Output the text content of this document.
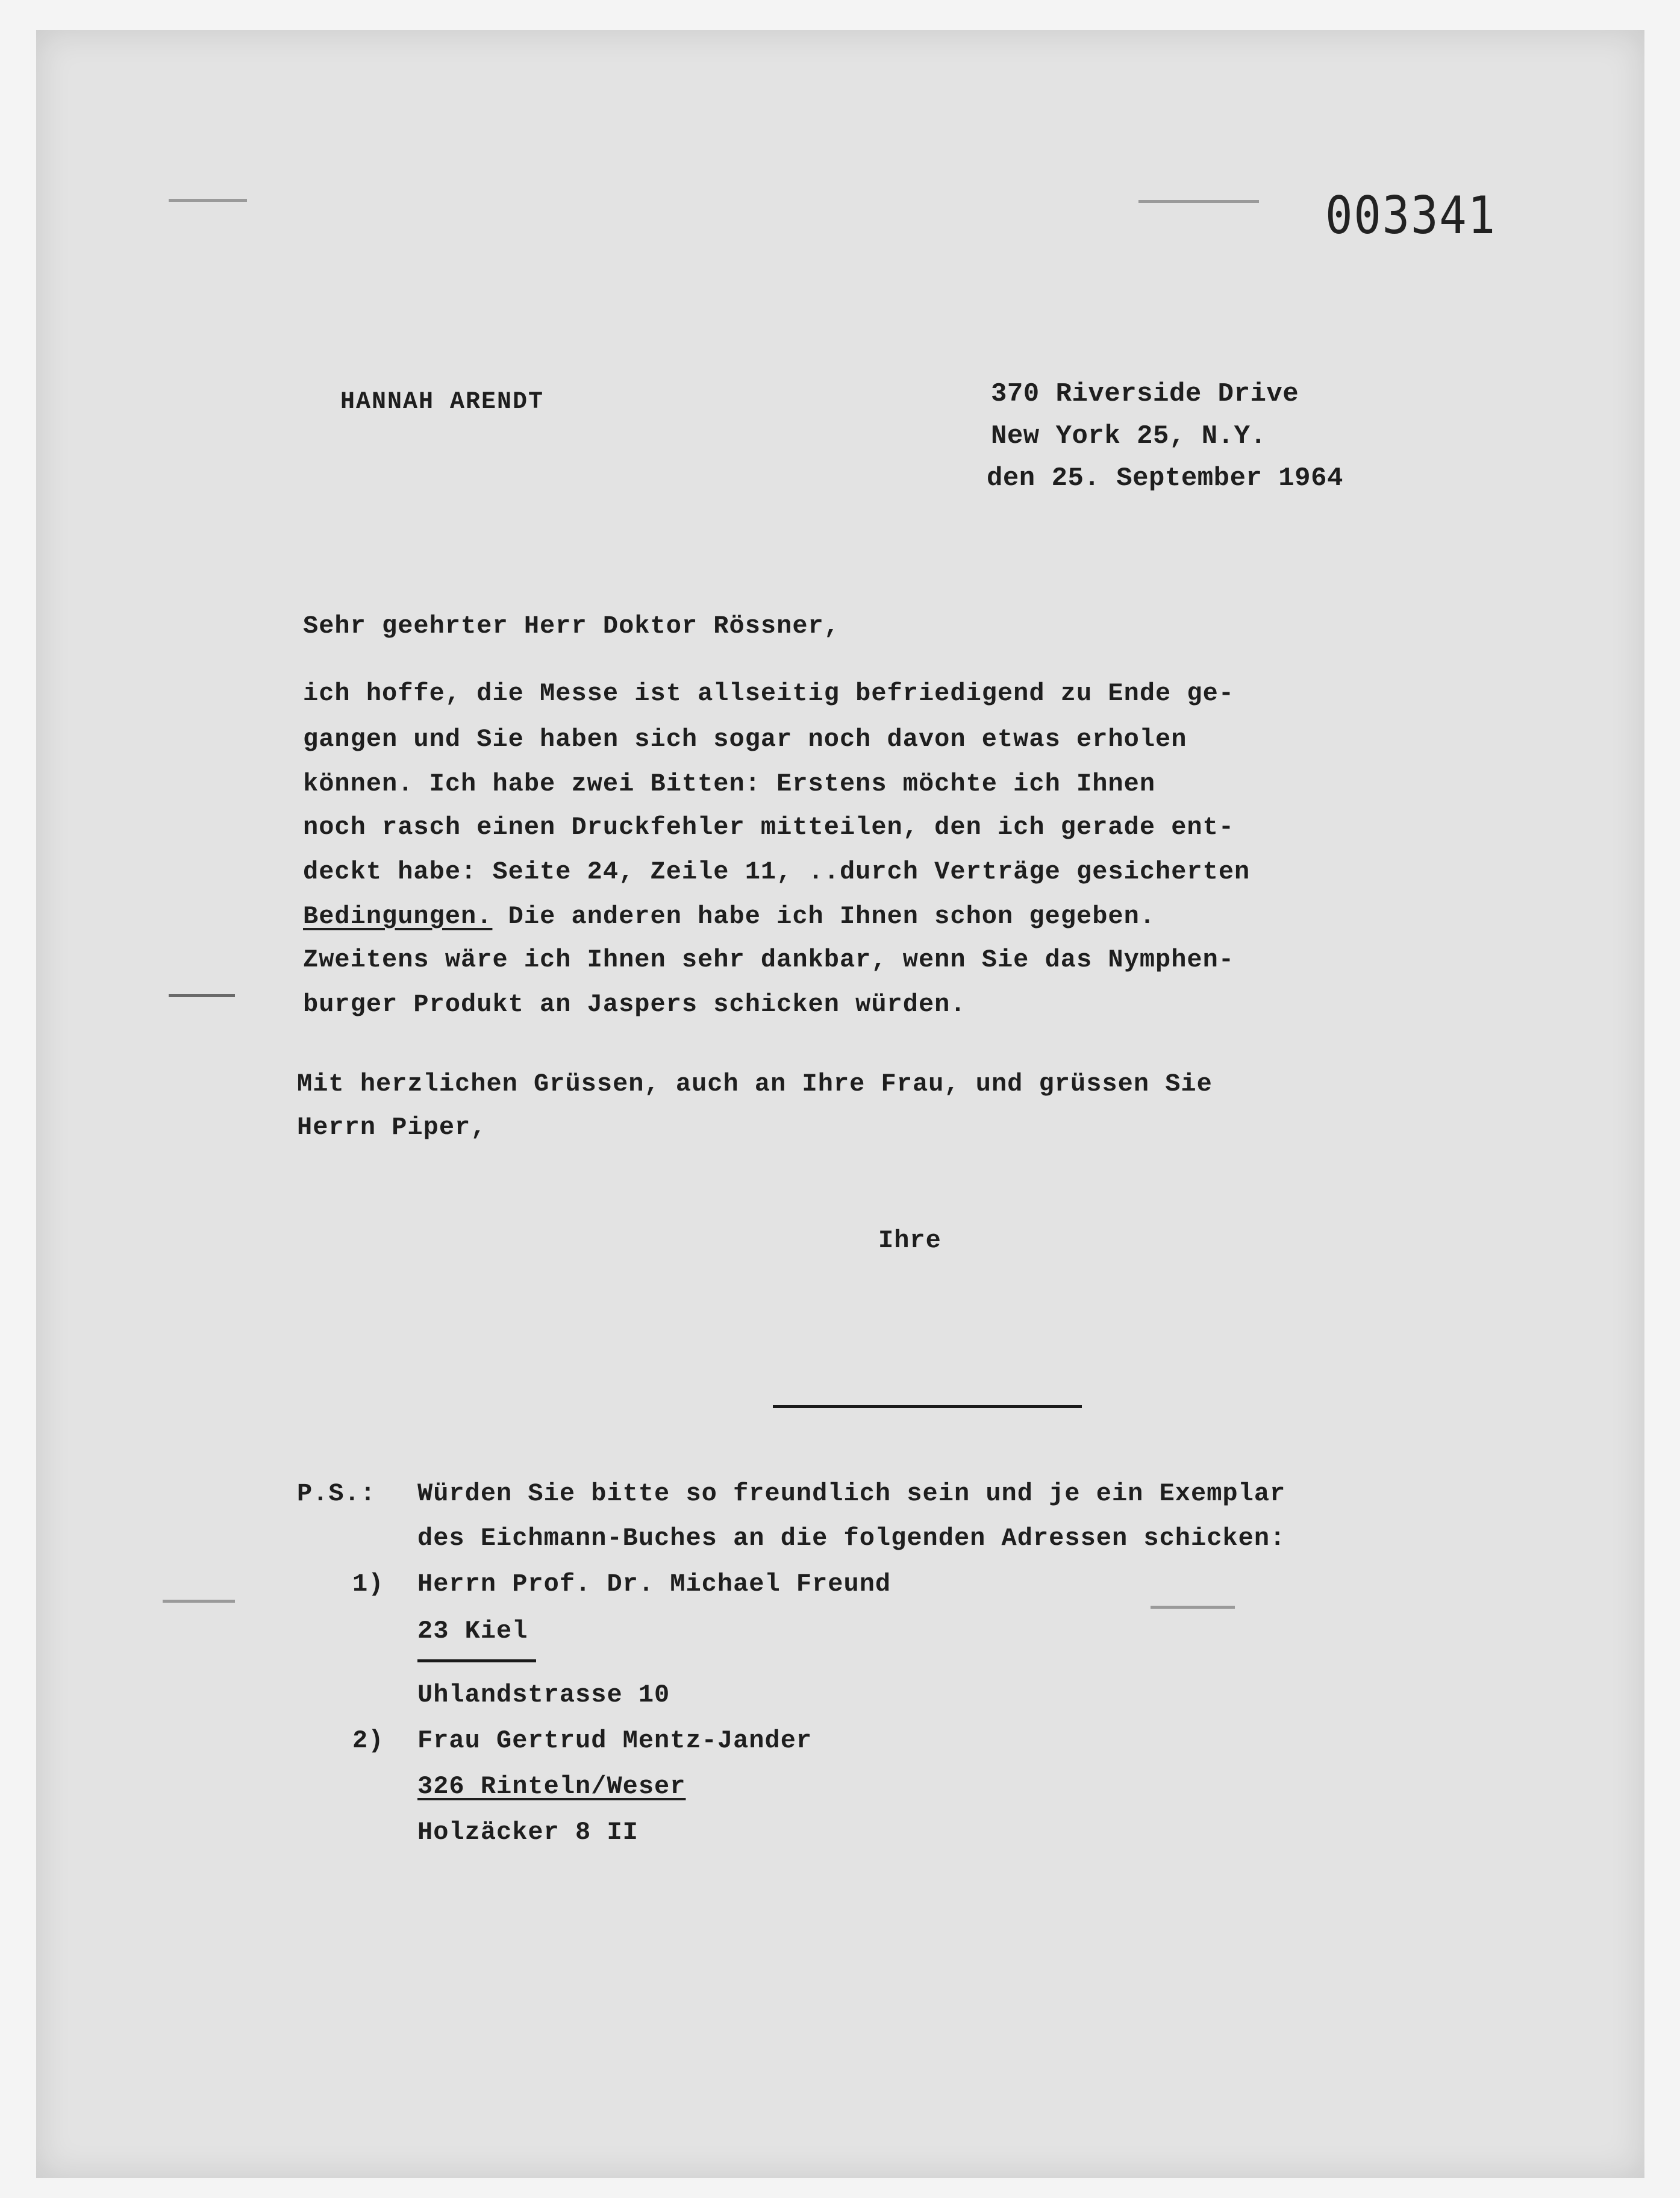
003341
HANNAH ARENDT	370 Riverside Drive
New York 25, N.Y.
den 25. September 1964
Sehr geehrter Herr Doktor Rössner,
ich hoffe, die Messe ist allseitig befriedigend zu Ende ge-
gangen und Sie haben sich sogar noch davon etwas erholen
können. Ich habe zwei Bitten: Erstens möchte ich Ihnen
noch rasch einen Druckfehler mitteilen, den ich gerade ent-
deckt habe: Seite 24, Zeile 11, ..durch Verträge gesicherten
Bedingungen. Die anderen habe ich Ihnen schon gegeben.
Zweitens wäre ich Ihnen sehr dankbar, wenn Sie das Nymphen-
burger Produkt an Jaspers schicken würden.
Mit herzlichen Grüssen, auch an Ihre Frau, und grüssen Sie
Herrn Piper,
Ihre
P.S.: Würden Sie bitte so freundlich sein und je ein Exemplar
des Eichmann-Buches an die folgenden Adressen schicken:
1) Herrn Prof. Dr. Michael Freund
23 Kiel
Uhlandstrasse 10
2) Frau Gertrud Mentz-Jander
326 Rinteln/Weser
Holzäcker 8 II
